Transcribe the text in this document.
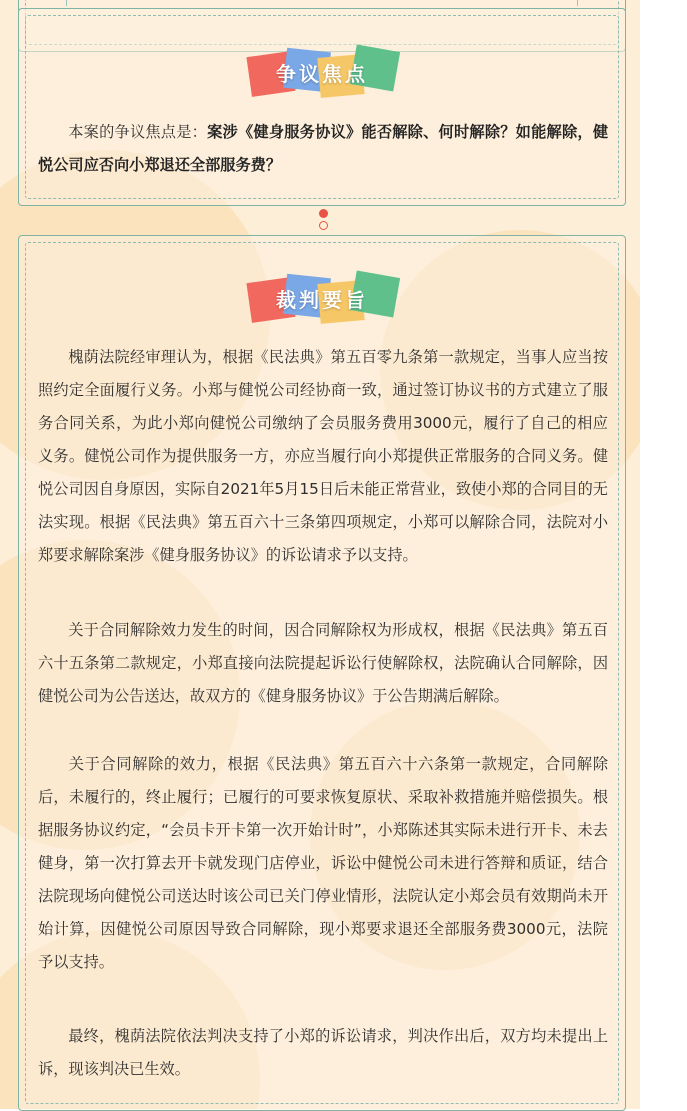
争议焦点

本案的争议焦点是：案涉《健身服务协议》能否解除、何时解除？如能解除，健悦公司应否向小郑退还全部服务费？

裁判要旨

槐荫法院经审理认为，根据《民法典》第五百零九条第一款规定，当事人应当按照约定全面履行义务。小郑与健悦公司经协商一致，通过签订协议书的方式建立了服务合同关系，为此小郑向健悦公司缴纳了会员服务费用3000元，履行了自己的相应义务。健悦公司作为提供服务一方，亦应当履行向小郑提供正常服务的合同义务。健悦公司因自身原因，实际自2021年5月15日后未能正常营业，致使小郑的合同目的无法实现。根据《民法典》第五百六十三条第四项规定，小郑可以解除合同，法院对小郑要求解除案涉《健身服务协议》的诉讼请求予以支持。

关于合同解除效力发生的时间，因合同解除权为形成权，根据《民法典》第五百六十五条第二款规定，小郑直接向法院提起诉讼行使解除权，法院确认合同解除，因健悦公司为公告送达，故双方的《健身服务协议》于公告期满后解除。

关于合同解除的效力，根据《民法典》第五百六十六条第一款规定，合同解除后，未履行的，终止履行；已履行的可要求恢复原状、采取补救措施并赔偿损失。根据服务协议约定，“会员卡开卡第一次开始计时”，小郑陈述其实际未进行开卡、未去健身，第一次打算去开卡就发现门店停业，诉讼中健悦公司未进行答辩和质证，结合法院现场向健悦公司送达时该公司已关门停业情形，法院认定小郑会员有效期尚未开始计算，因健悦公司原因导致合同解除，现小郑要求退还全部服务费3000元，法院予以支持。

最终，槐荫法院依法判决支持了小郑的诉讼请求，判决作出后，双方均未提出上诉，现该判决已生效。
